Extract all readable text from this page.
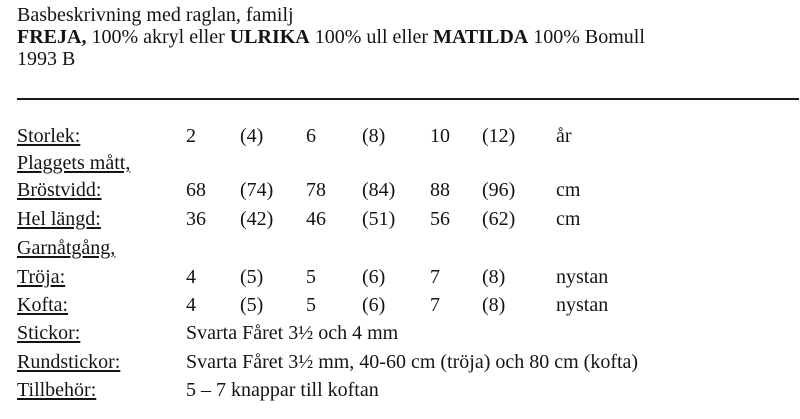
Basbeskrivning med raglan, familj

FREJA, 100% akryl eller ULRIKA 100% ull eller MATILDA 100% Bomull

1993 B

Storlek:	2 (4) 6 (8) 10 (12) år
Plaggets mått,
Bröstvidd:	68 (74) 78 (84) 88 (96) cm
Hel längd:	36 (42) 46 (51) 56 (62) cm
Garnåtgång,
Tröja:	4 (5) 5 (6) 7 (8)	nystan
Kofta:	4 (5) 5 (6) 7 (8)	nystan
Stickor:	Svarta Fåret 3½ och 4 mm
Rundstickor:	Svarta Fåret 3½ mm, 40-60 cm (tröja) och 80 cm (kofta)
Tillbehör:	5 – 7 knappar till koftan
